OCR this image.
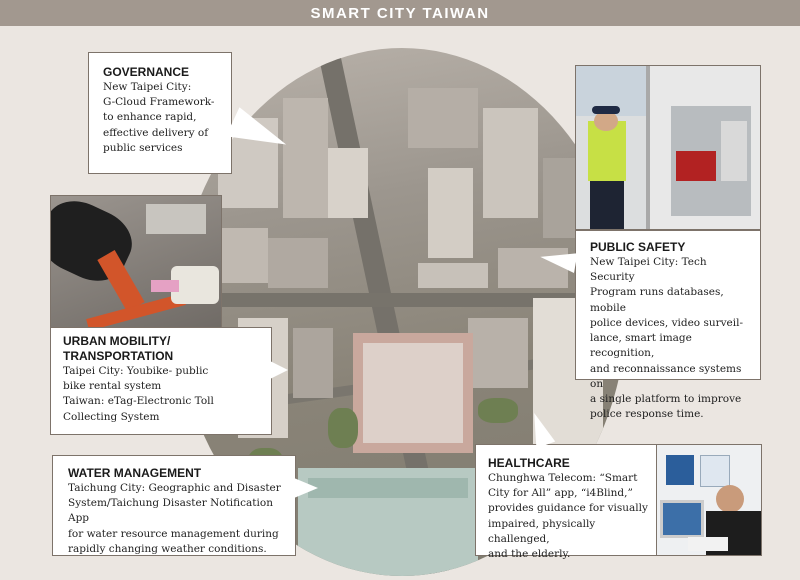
SMART CITY TAIWAN
GOVERNANCE
New Taipei City:
G-Cloud Framework-
to enhance rapid,
effective delivery of
public services
URBAN MOBILITY/
TRANSPORTATION
Taipei City: Youbike- public
bike rental system
Taiwan: eTag-Electronic Toll
Collecting System
WATER MANAGEMENT
Taichung City: Geographic and Disaster
System/Taichung Disaster Notification App
for water resource management during
rapidly changing weather conditions.
PUBLIC SAFETY
New Taipei City: Tech Security
Program runs databases, mobile
police devices, video surveil-
lance, smart image recognition,
and reconnaissance systems on
a single platform to improve
police response time.
HEALTHCARE
Chunghwa Telecom: “Smart
City for All” app, “i4Blind,”
provides guidance for visually
impaired, physically challenged,
and the elderly.
